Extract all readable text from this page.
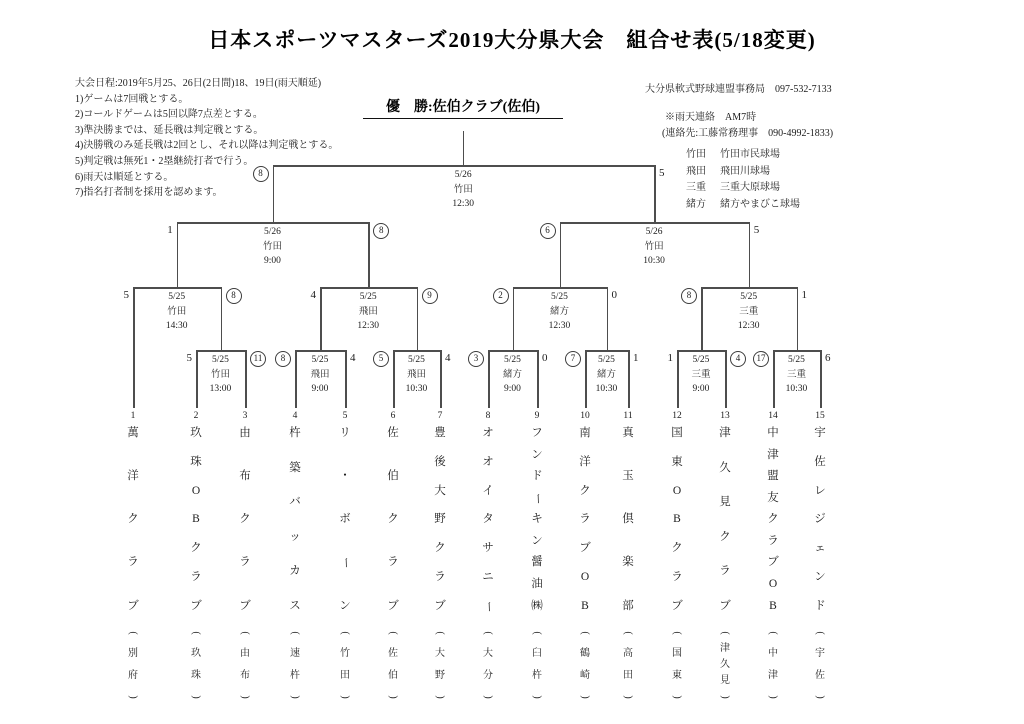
日本スポーツマスターズ2019大分県大会　組合せ表(5/18変更)
大会日程:2019年5月25、26日(2日間)18、19日(雨天順延)
1)ゲームは7回戦とする。
2)コールドゲームは5回以降7点差とする。
3)準決勝までは、延長戦は判定戦とする。
4)決勝戦のみ延長戦は2回とし、それ以降は判定戦とする。
5)判定戦は無死1・2塁継続打者で行う。
6)雨天は順延とする。
7)指名打者制を採用を認めます。
大分県軟式野球連盟事務局　097-532-7133
※雨天連絡　AM7時
(連絡先:工藤常務理事　090-4992-1833)
竹田 竹田市民球場
飛田 飛田川球場
三重 三重大原球場
緒方 緒方やまびこ球場
優　勝:佐伯クラブ(佐伯)
5/25
竹田
13:00
5	11	5/25
飛田
9:00
8	4	5/25
飛田
10:30
5	4	5/25
緒方
9:00
3	0	5/25
緒方
10:30
7	1	5/25
三重
9:00
1	4	5/25
三重
10:30
17	6
5/25
竹田
14:30
5	8	5/25
飛田
12:30
4	9	5/25
緒方
12:30
2	0	5/25
三重
12:30
8	1
5/26
竹田
9:00
1	8	5/26
竹田
10:30
6	5
5/26
竹田
12:30
8	5
1
萬
洋
ク
ラ
ブ
(
別
府
)
2
玖
珠
O
B
ク
ラ
ブ
(
玖
珠
)
3
由
布
ク
ラ
ブ
(
由
布
)
4
杵
築
バ
ッ
カ
ス
(
速
杵
)
5
リ
・
ボ
ー
ン
(
竹
田
)
6
佐
伯
ク
ラ
ブ
(
佐
伯
)
7
豊
後
大
野
ク
ラ
ブ
(
大
野
)
8
オ
オ
イ
タ
サ
ニ
ー
(
大
分
)
9
フ
ン
ド
ー
キ
ン
醤
油
㈱
(
臼
杵
)
10
南
洋
ク
ラ
ブ
O
B
(
鶴
崎
)
11
真
玉
倶
楽
部
(
高
田
)
12
国
東
O
B
ク
ラ
ブ
(
国
東
)
13
津
久
見
ク
ラ
ブ
(
津
久
見
)
14
中
津
盟
友
ク
ラ
ブ
O
B
(
中
津
)
15
宇
佐
レ
ジ
ェ
ン
ド
(
宇
佐
)
